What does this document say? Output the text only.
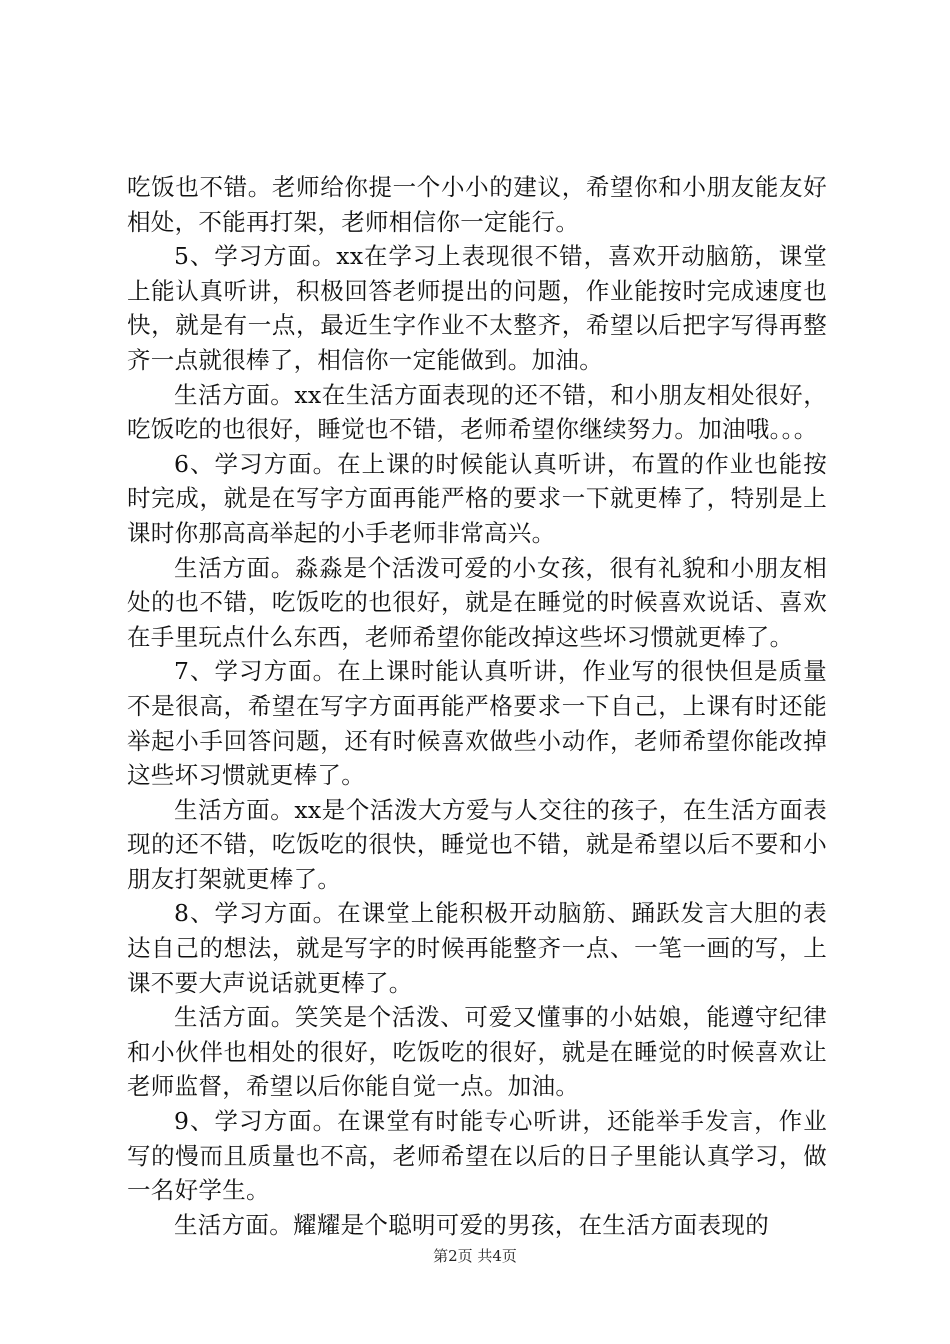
吃饭也不错。老师给你提一个小小的建议，希望你和小朋友能友好相处，不能再打架，老师相信你一定能行。

5、学习方面。xx在学习上表现很不错，喜欢开动脑筋，课堂上能认真听讲，积极回答老师提出的问题，作业能按时完成速度也快，就是有一点，最近生字作业不太整齐，希望以后把字写得再整齐一点就很棒了，相信你一定能做到。加油。

生活方面。xx在生活方面表现的还不错，和小朋友相处很好，吃饭吃的也很好，睡觉也不错，老师希望你继续努力。加油哦。。。

6、学习方面。在上课的时候能认真听讲，布置的作业也能按时完成，就是在写字方面再能严格的要求一下就更棒了，特别是上课时你那高高举起的小手老师非常高兴。

生活方面。淼淼是个活泼可爱的小女孩，很有礼貌和小朋友相处的也不错，吃饭吃的也很好，就是在睡觉的时候喜欢说话、喜欢在手里玩点什么东西，老师希望你能改掉这些坏习惯就更棒了。

7、学习方面。在上课时能认真听讲，作业写的很快但是质量不是很高，希望在写字方面再能严格要求一下自己，上课有时还能举起小手回答问题，还有时候喜欢做些小动作，老师希望你能改掉这些坏习惯就更棒了。

生活方面。xx是个活泼大方爱与人交往的孩子，在生活方面表现的还不错，吃饭吃的很快，睡觉也不错，就是希望以后不要和小朋友打架就更棒了。

8、学习方面。在课堂上能积极开动脑筋、踊跃发言大胆的表达自己的想法，就是写字的时候再能整齐一点、一笔一画的写，上课不要大声说话就更棒了。

生活方面。笑笑是个活泼、可爱又懂事的小姑娘，能遵守纪律和小伙伴也相处的很好，吃饭吃的很好，就是在睡觉的时候喜欢让老师监督，希望以后你能自觉一点。加油。

9、学习方面。在课堂有时能专心听讲，还能举手发言，作业写的慢而且质量也不高，老师希望在以后的日子里能认真学习，做一名好学生。

生活方面。耀耀是个聪明可爱的男孩，在生活方面表现的

第2页 共4页
